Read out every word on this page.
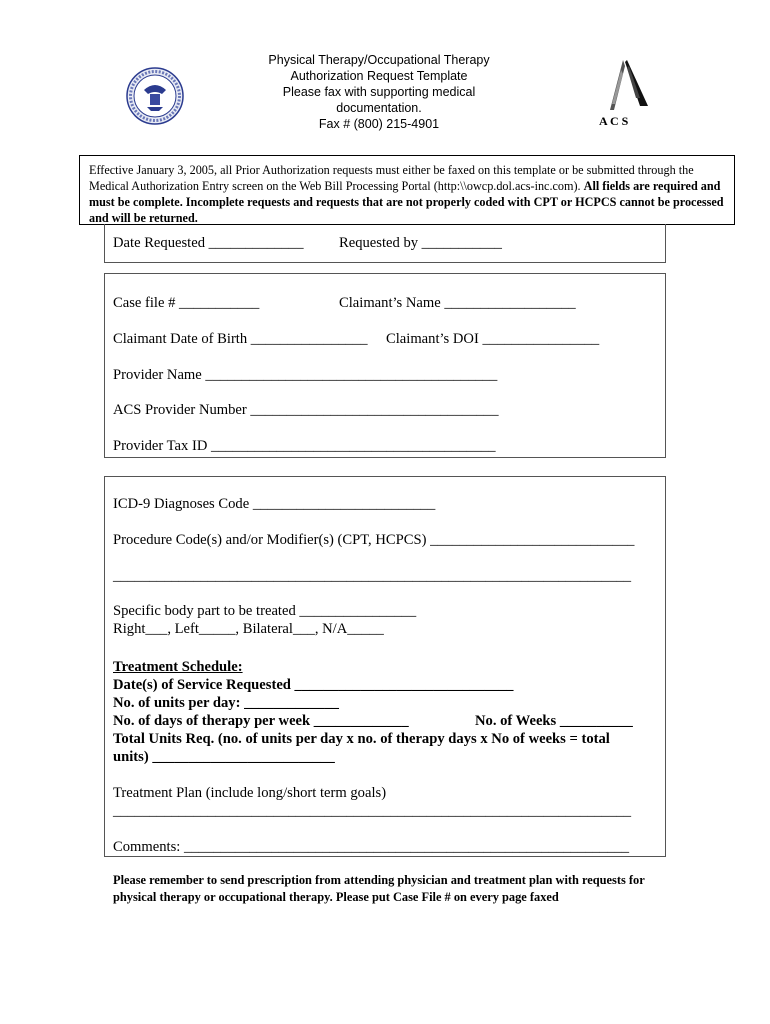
Physical Therapy/Occupational Therapy
Authorization Request Template
Please fax with supporting medical
documentation.
Fax # (800) 215-4901	A C S
Effective January 3, 2005, all Prior Authorization requests must either be faxed on this template or be submitted through the Medical Authorization Entry screen on the Web Bill Processing Portal (http:\\owcp.dol.acs-inc.com). All fields are required and must be complete. Incomplete requests and requests that are not properly coded with CPT or HCPCS cannot be processed and will be returned.
Date Requested _____________ Requested by ___________
Case file # ___________	Claimant’s Name __________________
Claimant Date of Birth ________________ Claimant’s DOI ________________
Provider Name ________________________________________
ACS Provider Number __________________________________
Provider Tax ID _______________________________________
ICD-9 Diagnoses Code _________________________
Procedure Code(s) and/or Modifier(s) (CPT, HCPCS) ____________________________
_______________________________________________________________________
Specific body part to be treated ________________
Right___, Left_____, Bilateral___, N/A_____
Treatment Schedule:
Date(s) of Service Requested ______________________________
No. of units per day: _____________
No. of days of therapy per week _____________	No. of Weeks __________
Total Units Req. (no. of units per day x no. of therapy days x No of weeks = total
units) _________________________
Treatment Plan (include long/short term goals)
_______________________________________________________________________
Comments: _____________________________________________________________
Please remember to send prescription from attending physician and treatment plan with requests for physical therapy or occupational therapy. Please put Case File # on every page faxed
